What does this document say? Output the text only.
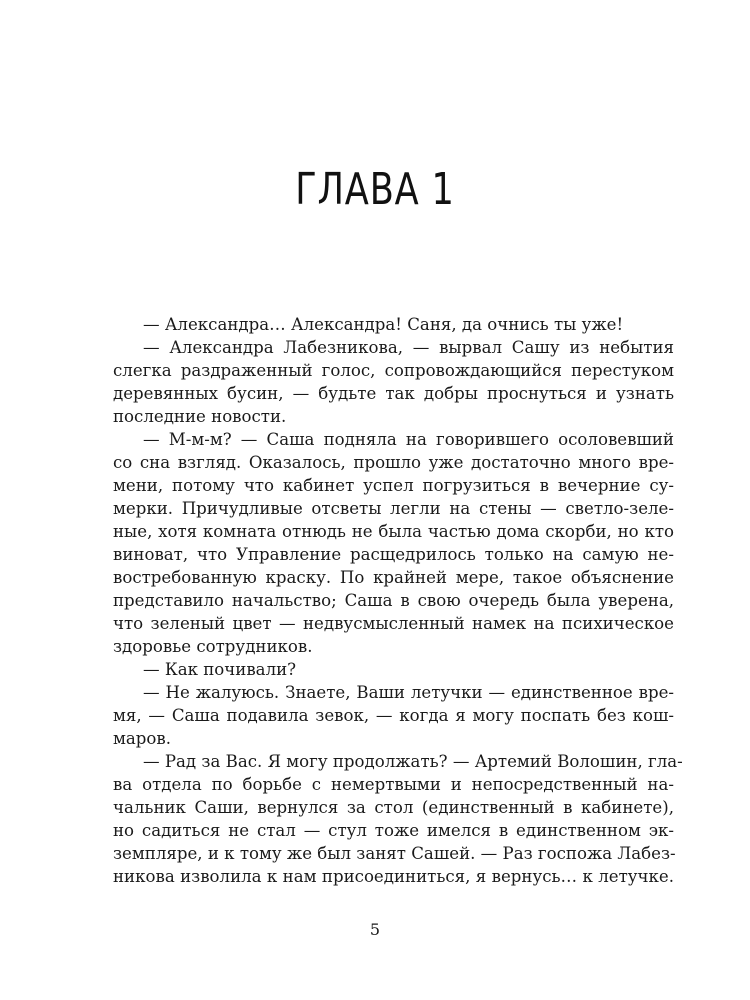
ГЛАВА 1
— Александра… Александра! Саня, да очнись ты уже!
— Александра Лабезникова, — вырвал Сашу из небытия
слегка раздраженный голос, сопровождающийся перестуком
деревянных бусин, — будьте так добры проснуться и узнать
последние новости.
— М-м-м? — Саша подняла на говорившего осоловевший
со сна взгляд. Оказалось, прошло уже достаточно много вре-
мени, потому что кабинет успел погрузиться в вечерние су-
мерки. Причудливые отсветы легли на стены — светло-зеле-
ные, хотя комната отнюдь не была частью дома скорби, но кто
виноват, что Управление расщедрилось только на самую не-
востребованную краску. По крайней мере, такое объяснение
представило начальство; Саша в свою очередь была уверена,
что зеленый цвет — недвусмысленный намек на психическое
здоровье сотрудников.
— Как почивали?
— Не жалуюсь. Знаете, Ваши летучки — единственное вре-
мя, — Саша подавила зевок, — когда я могу поспать без кош-
маров.
— Рад за Вас. Я могу продолжать? — Артемий Волошин, гла-
ва отдела по борьбе с немертвыми и непосредственный на-
чальник Саши, вернулся за стол (единственный в кабинете),
но садиться не стал — стул тоже имелся в единственном эк-
земпляре, и к тому же был занят Сашей. — Раз госпожа Лабез-
никова изволила к нам присоединиться, я вернусь… к летучке.
5
